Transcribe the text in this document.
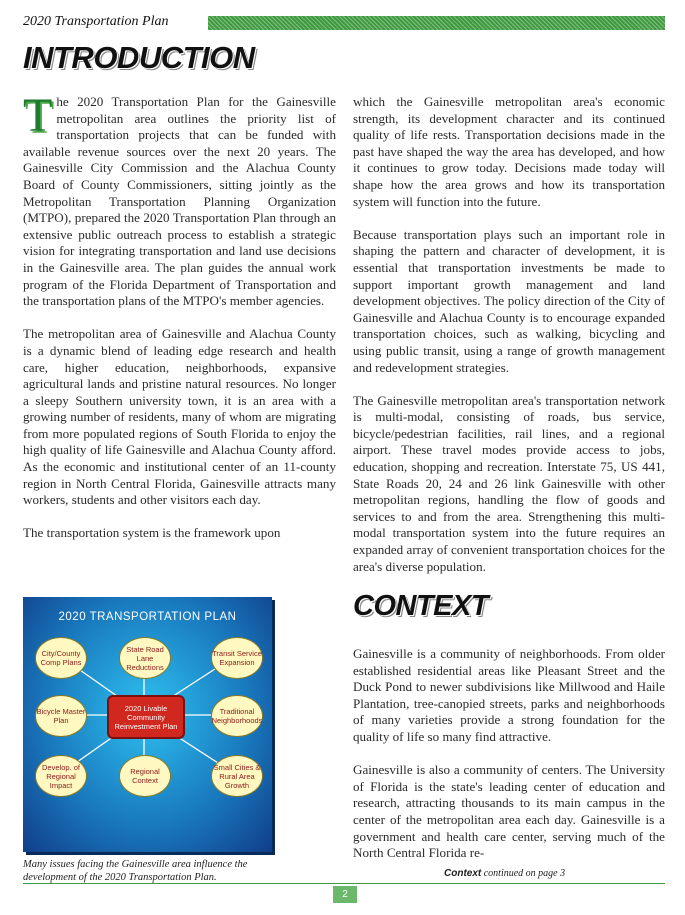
2020 Transportation Plan
INTRODUCTION

The 2020 Transportation Plan for the Gainesville metropolitan area outlines the priority list of transportation projects that can be funded with available revenue sources over the next 20 years. The Gainesville City Commission and the Alachua County Board of County Commissioners, sitting jointly as the Metropolitan Transportation Planning Organization (MTPO), prepared the 2020 Transportation Plan through an extensive public outreach process to establish a strategic vision for integrating transportation and land use decisions in the Gainesville area. The plan guides the annual work program of the Florida Department of Transportation and the transportation plans of the MTPO's member agencies.

The metropolitan area of Gainesville and Alachua County is a dynamic blend of leading edge research and health care, higher education, neighborhoods, expansive agricultural lands and pristine natural resources. No longer a sleepy Southern university town, it is an area with a growing number of residents, many of whom are migrating from more populated regions of South Florida to enjoy the high quality of life Gainesville and Alachua County afford. As the economic and institutional center of an 11-county region in North Central Florida, Gainesville attracts many workers, students and other visitors each day.

The transportation system is the framework upon

which the Gainesville metropolitan area's economic strength, its development character and its continued quality of life rests. Transportation decisions made in the past have shaped the way the area has developed, and how it continues to grow today. Decisions made today will shape how the area grows and how its transportation system will function into the future.

Because transportation plays such an important role in shaping the pattern and character of development, it is essential that transportation investments be made to support important growth management and land development objectives. The policy direction of the City of Gainesville and Alachua County is to encourage expanded transportation choices, such as walking, bicycling and using public transit, using a range of growth management and redevelopment strategies.

The Gainesville metropolitan area's transportation network is multi-modal, consisting of roads, bus service, bicycle/pedestrian facilities, rail lines, and a regional airport. These travel modes provide access to jobs, education, shopping and recreation. Interstate 75, US 441, State Roads 20, 24 and 26 link Gainesville with other metropolitan regions, handling the flow of goods and services to and from the area. Strengthening this multi-modal transportation system into the future requires an expanded array of convenient transportation choices for the area's diverse population.

2020 TRANSPORTATION PLAN
City/County Comp Plans
State Road Lane Reductions
Transit Service Expansion
Bicycle Master Plan
Traditional Neighborhoods
Develop. of Regional Impact
Regional Context
Small Cities & Rural Area Growth
2020 Livable Community Reinvestment Plan
Many issues facing the Gainesville area influence the development of the 2020 Transportation Plan.
CONTEXT

Gainesville is a community of neighborhoods. From older established residential areas like Pleasant Street and the Duck Pond to newer subdivisions like Millwood and Haile Plantation, tree-canopied streets, parks and neighborhoods of many varieties provide a strong foundation for the quality of life so many find attractive.

Gainesville is also a community of centers. The University of Florida is the state's leading center of education and research, attracting thousands to its main campus in the center of the metropolitan area each day. Gainesville is a government and health care center, serving much of the North Central Florida re-

Context continued on page 3
2
